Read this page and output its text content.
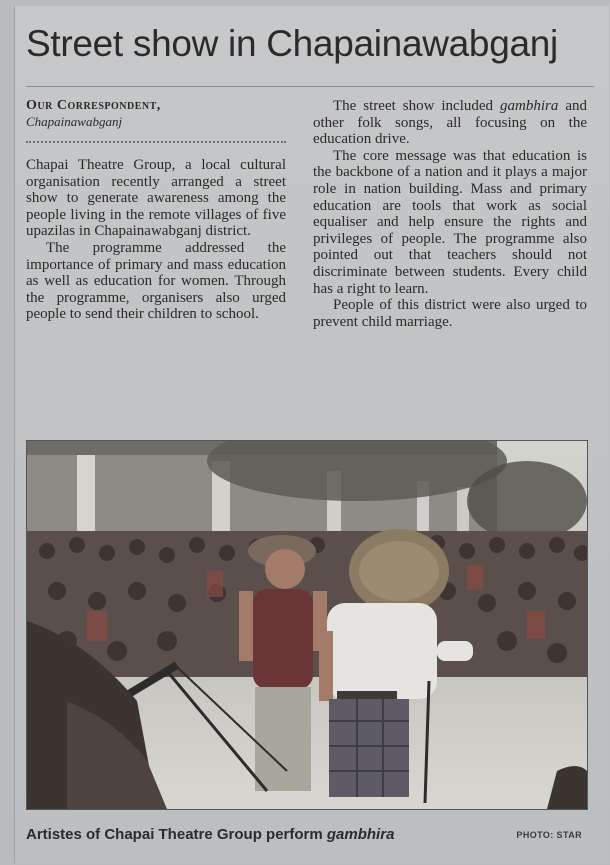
Street show in Chapainawabganj
Our Correspondent,
Chapainawabganj

Chapai Theatre Group, a local cultural organisation recently arranged a street show to generate awareness among the people living in the remote villages of five upazilas in Chapainawabganj district.

The programme addressed the importance of primary and mass education as well as education for women. Through the programme, organisers also urged people to send their children to school.

The street show included gambhira and other folk songs, all focusing on the education drive.

The core message was that education is the backbone of a nation and it plays a major role in nation building. Mass and primary education are tools that work as social equaliser and help ensure the rights and privileges of people. The programme also pointed out that teachers should not discriminate between students. Every child has a right to learn.

People of this district were also urged to prevent child marriage.

Artistes of Chapai Theatre Group perform gambhira	PHOTO: STAR
